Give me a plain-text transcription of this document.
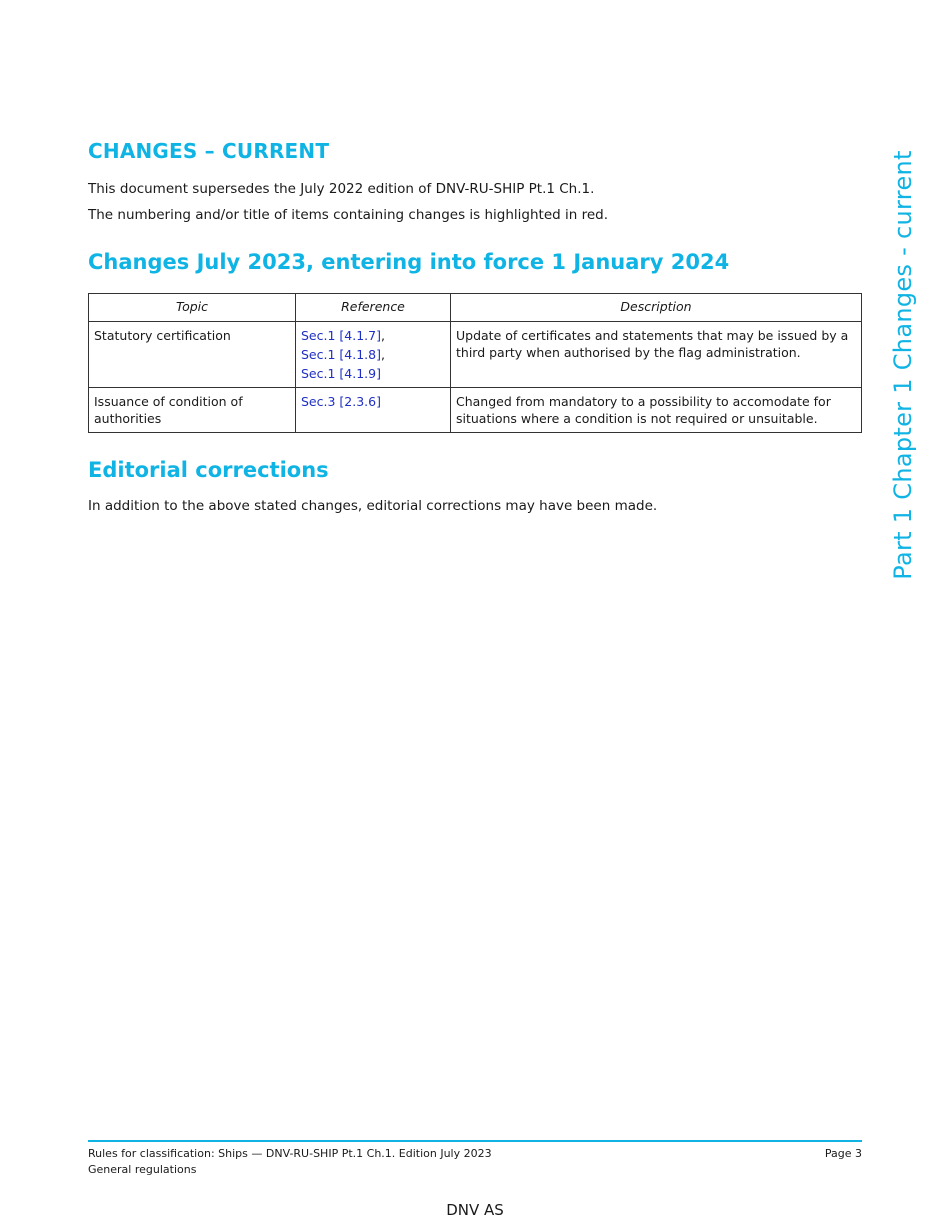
CHANGES – CURRENT

This document supersedes the July 2022 edition of DNV-RU-SHIP Pt.1 Ch.1.

The numbering and/or title of items containing changes is highlighted in red.

Changes July 2023, entering into force 1 January 2024
Topic	Reference	Description
Statutory certification	Sec.1 [4.1.7],
Sec.1 [4.1.8],
Sec.1 [4.1.9]	Update of certificates and statements that may be issued by a third party when authorised by the flag administration.
Issuance of condition of authorities	Sec.3 [2.3.6]	Changed from mandatory to a possibility to accomodate for situations where a condition is not required or unsuitable.
Editorial corrections

In addition to the above stated changes, editorial corrections may have been made.	Part 1 Chapter 1 Changes - current
Rules for classification: Ships — DNV-RU-SHIP Pt.1 Ch.1. Edition July 2023
General regulations
Page 3
DNV AS
